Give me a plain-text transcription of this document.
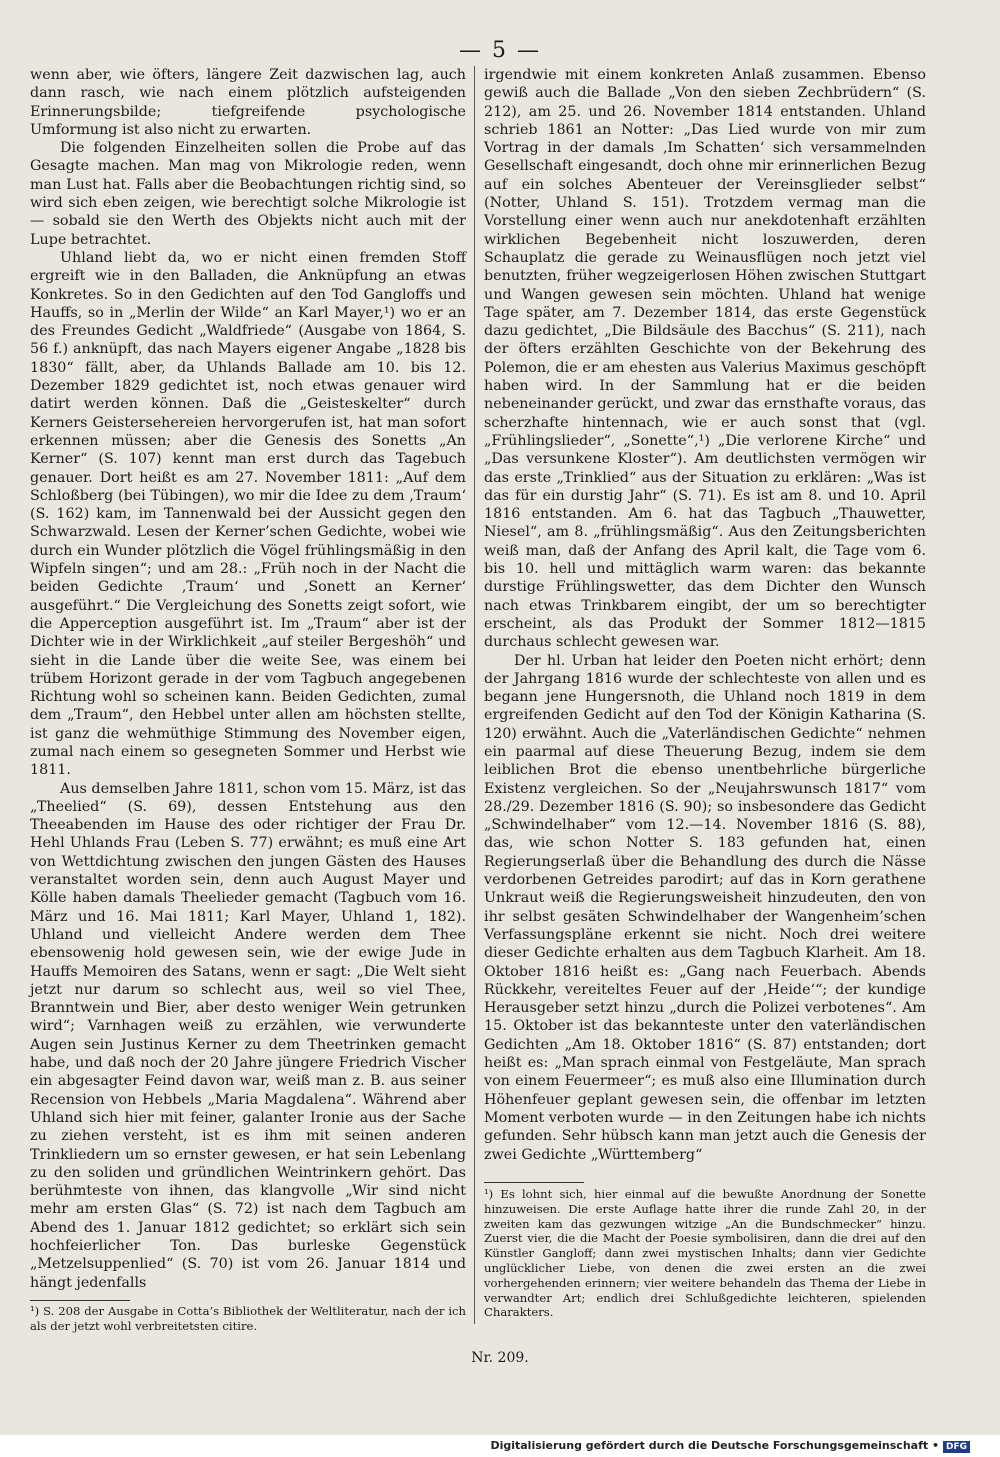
— 5 —

wenn aber, wie öfters, längere Zeit dazwischen lag, auch dann rasch, wie nach einem plötzlich aufsteigenden Erinnerungsbilde; tiefgreifende psychologische Umformung ist also nicht zu erwarten.

Die folgenden Einzelheiten sollen die Probe auf das Gesagte machen. Man mag von Mikrologie reden, wenn man Lust hat. Falls aber die Beobachtungen richtig sind, so wird sich eben zeigen, wie berechtigt solche Mikrologie ist — sobald sie den Werth des Objekts nicht auch mit der Lupe betrachtet.

Uhland liebt da, wo er nicht einen fremden Stoff ergreift wie in den Balladen, die Anknüpfung an etwas Konkretes. So in den Gedichten auf den Tod Gangloffs und Hauffs, so in „Merlin der Wilde“ an Karl Mayer,¹) wo er an des Freundes Gedicht „Waldfriede“ (Ausgabe von 1864, S. 56 f.) anknüpft, das nach Mayers eigener Angabe „1828 bis 1830“ fällt, aber, da Uhlands Ballade am 10. bis 12. Dezember 1829 gedichtet ist, noch etwas genauer wird datirt werden können. Daß die „Geisteskelter“ durch Kerners Geistersehereien hervorgerufen ist, hat man sofort erkennen müssen; aber die Genesis des Sonetts „An Kerner“ (S. 107) kennt man erst durch das Tagebuch genauer. Dort heißt es am 27. November 1811: „Auf dem Schloßberg (bei Tübingen), wo mir die Idee zu dem ‚Traum‘ (S. 162) kam, im Tannenwald bei der Aussicht gegen den Schwarzwald. Lesen der Kerner’schen Gedichte, wobei wie durch ein Wunder plötzlich die Vögel frühlingsmäßig in den Wipfeln singen“; und am 28.: „Früh noch in der Nacht die beiden Gedichte ‚Traum‘ und ‚Sonett an Kerner‘ ausgeführt.“ Die Vergleichung des Sonetts zeigt sofort, wie die Apperception ausgeführt ist. Im „Traum“ aber ist der Dichter wie in der Wirklichkeit „auf steiler Bergeshöh“ und sieht in die Lande über die weite See, was einem bei trübem Horizont gerade in der vom Tagbuch angegebenen Richtung wohl so scheinen kann. Beiden Gedichten, zumal dem „Traum“, den Hebbel unter allen am höchsten stellte, ist ganz die wehmüthige Stimmung des November eigen, zumal nach einem so gesegneten Sommer und Herbst wie 1811.

Aus demselben Jahre 1811, schon vom 15. März, ist das „Theelied“ (S. 69), dessen Entstehung aus den Theeabenden im Hause des oder richtiger der Frau Dr. Hehl Uhlands Frau (Leben S. 77) erwähnt; es muß eine Art von Wettdichtung zwischen den jungen Gästen des Hauses veranstaltet worden sein, denn auch August Mayer und Kölle haben damals Theelieder gemacht (Tagbuch vom 16. März und 16. Mai 1811; Karl Mayer, Uhland 1, 182). Uhland und vielleicht Andere werden dem Thee ebensowenig hold gewesen sein, wie der ewige Jude in Hauffs Memoiren des Satans, wenn er sagt: „Die Welt sieht jetzt nur darum so schlecht aus, weil so viel Thee, Branntwein und Bier, aber desto weniger Wein getrunken wird“; Varnhagen weiß zu erzählen, wie verwunderte Augen sein Justinus Kerner zu dem Theetrinken gemacht habe, und daß noch der 20 Jahre jüngere Friedrich Vischer ein abgesagter Feind davon war, weiß man z. B. aus seiner Recension von Hebbels „Maria Magdalena“. Während aber Uhland sich hier mit feiner, galanter Ironie aus der Sache zu ziehen versteht, ist es ihm mit seinen anderen Trinkliedern um so ernster gewesen, er hat sein Lebenlang zu den soliden und gründlichen Weintrinkern gehört. Das berühmteste von ihnen, das klangvolle „Wir sind nicht mehr am ersten Glas“ (S. 72) ist nach dem Tagbuch am Abend des 1. Januar 1812 gedichtet; so erklärt sich sein hochfeierlicher Ton. Das burleske Gegenstück „Metzelsuppenlied“ (S. 70) ist vom 26. Januar 1814 und hängt jedenfalls

irgendwie mit einem konkreten Anlaß zusammen. Ebenso gewiß auch die Ballade „Von den sieben Zechbrüdern“ (S. 212), am 25. und 26. November 1814 entstanden. Uhland schrieb 1861 an Notter: „Das Lied wurde von mir zum Vortrag in der damals ‚Im Schatten‘ sich versammelnden Gesellschaft eingesandt, doch ohne mir erinnerlichen Bezug auf ein solches Abenteuer der Vereinsglieder selbst“ (Notter, Uhland S. 151). Trotzdem vermag man die Vorstellung einer wenn auch nur anekdotenhaft erzählten wirklichen Begebenheit nicht loszuwerden, deren Schauplatz die gerade zu Weinausflügen noch jetzt viel benutzten, früher wegzeigerlosen Höhen zwischen Stuttgart und Wangen gewesen sein möchten. Uhland hat wenige Tage später, am 7. Dezember 1814, das erste Gegenstück dazu gedichtet, „Die Bildsäule des Bacchus“ (S. 211), nach der öfters erzählten Geschichte von der Bekehrung des Polemon, die er am ehesten aus Valerius Maximus geschöpft haben wird. In der Sammlung hat er die beiden nebeneinander gerückt, und zwar das ernsthafte voraus, das scherzhafte hintennach, wie er auch sonst that (vgl. „Frühlingslieder“, „Sonette“,¹) „Die verlorene Kirche“ und „Das versunkene Kloster“). Am deutlichsten vermögen wir das erste „Trinklied“ aus der Situation zu erklären: „Was ist das für ein durstig Jahr“ (S. 71). Es ist am 8. und 10. April 1816 entstanden. Am 6. hat das Tagbuch „Thauwetter, Niesel“, am 8. „frühlingsmäßig“. Aus den Zeitungsberichten weiß man, daß der Anfang des April kalt, die Tage vom 6. bis 10. hell und mittäglich warm waren: das bekannte durstige Frühlingswetter, das dem Dichter den Wunsch nach etwas Trinkbarem eingibt, der um so berechtigter erscheint, als das Produkt der Sommer 1812—1815 durchaus schlecht gewesen war.

Der hl. Urban hat leider den Poeten nicht erhört; denn der Jahrgang 1816 wurde der schlechteste von allen und es begann jene Hungersnoth, die Uhland noch 1819 in dem ergreifenden Gedicht auf den Tod der Königin Katharina (S. 120) erwähnt. Auch die „Vaterländischen Gedichte“ nehmen ein paarmal auf diese Theuerung Bezug, indem sie dem leiblichen Brot die ebenso unentbehrliche bürgerliche Existenz vergleichen. So der „Neujahrswunsch 1817“ vom 28./29. Dezember 1816 (S. 90); so insbesondere das Gedicht „Schwindelhaber“ vom 12.—14. November 1816 (S. 88), das, wie schon Notter S. 183 gefunden hat, einen Regierungserlaß über die Behandlung des durch die Nässe verdorbenen Getreides parodirt; auf das in Korn gerathene Unkraut weiß die Regierungsweisheit hinzudeuten, den von ihr selbst gesäten Schwindelhaber der Wangenheim’schen Verfassungspläne erkennt sie nicht. Noch drei weitere dieser Gedichte erhalten aus dem Tagbuch Klarheit. Am 18. Oktober 1816 heißt es: „Gang nach Feuerbach. Abends Rückkehr, vereiteltes Feuer auf der ‚Heide‘“; der kundige Herausgeber setzt hinzu „durch die Polizei verbotenes“. Am 15. Oktober ist das bekannteste unter den vaterländischen Gedichten „Am 18. Oktober 1816“ (S. 87) entstanden; dort heißt es: „Man sprach einmal von Festgeläute, Man sprach von einem Feuermeer“; es muß also eine Illumination durch Höhenfeuer geplant gewesen sein, die offenbar im letzten Moment verboten wurde — in den Zeitungen habe ich nichts gefunden. Sehr hübsch kann man jetzt auch die Genesis der zwei Gedichte „Württemberg“

¹) S. 208 der Ausgabe in Cotta’s Bibliothek der Weltliteratur, nach der ich als der jetzt wohl verbreitetsten citire.
¹) Es lohnt sich, hier einmal auf die bewußte Anordnung der Sonette hinzuweisen. Die erste Auflage hatte ihrer die runde Zahl 20, in der zweiten kam das gezwungen witzige „An die Bundschmecker“ hinzu. Zuerst vier, die die Macht der Poesie symbolisiren, dann die drei auf den Künstler Gangloff; dann zwei mystischen Inhalts; dann vier Gedichte unglücklicher Liebe, von denen die zwei ersten an die zwei vorhergehenden erinnern; vier weitere behandeln das Thema der Liebe in verwandter Art; endlich drei Schlußgedichte leichteren, spielenden Charakters.
Nr. 209.
Digitalisierung gefördert durch die Deutsche Forschungsgemeinschaft • DFG
